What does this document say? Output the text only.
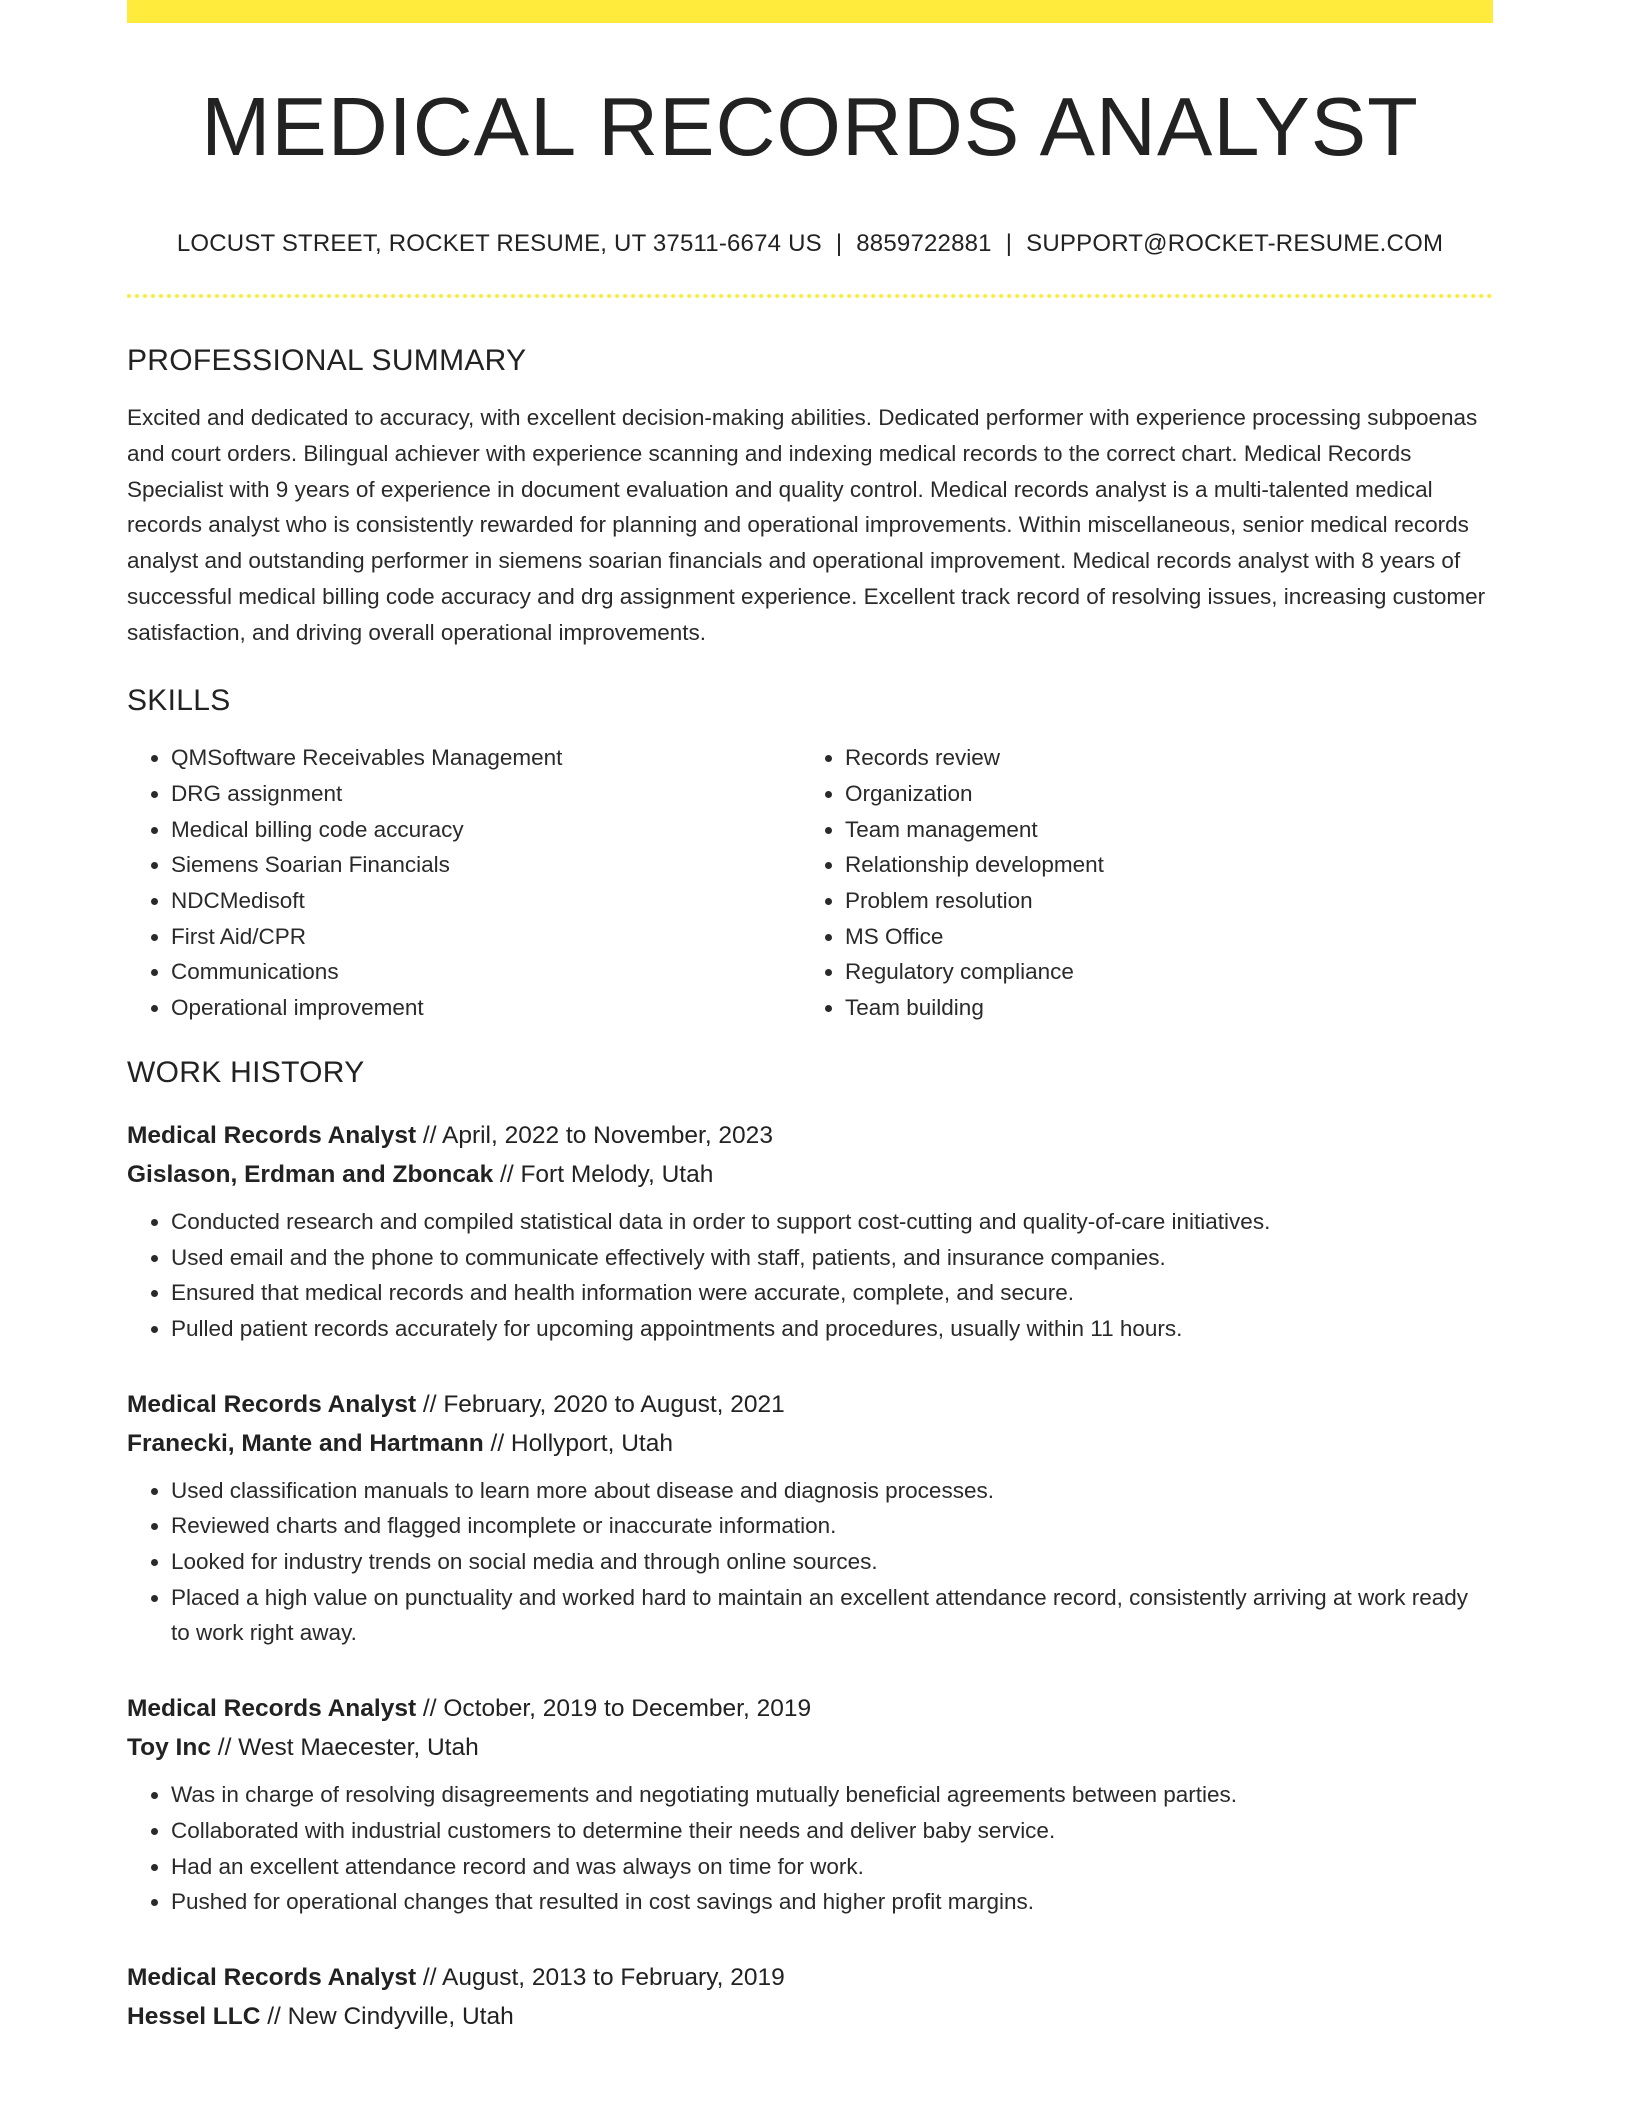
MEDICAL RECORDS ANALYST
LOCUST STREET, ROCKET RESUME, UT 37511-6674 US | 8859722881 | SUPPORT@ROCKET-RESUME.COM
PROFESSIONAL SUMMARY
Excited and dedicated to accuracy, with excellent decision-making abilities. Dedicated performer with experience processing subpoenas and court orders. Bilingual achiever with experience scanning and indexing medical records to the correct chart. Medical Records Specialist with 9 years of experience in document evaluation and quality control. Medical records analyst is a multi-talented medical records analyst who is consistently rewarded for planning and operational improvements. Within miscellaneous, senior medical records analyst and outstanding performer in siemens soarian financials and operational improvement. Medical records analyst with 8 years of successful medical billing code accuracy and drg assignment experience. Excellent track record of resolving issues, increasing customer satisfaction, and driving overall operational improvements.
SKILLS
• QMSoftware Receivables Management
• DRG assignment
• Medical billing code accuracy
• Siemens Soarian Financials
• NDCMedisoft
• First Aid/CPR
• Communications
• Operational improvement
• Records review
• Organization
• Team management
• Relationship development
• Problem resolution
• MS Office
• Regulatory compliance
• Team building
WORK HISTORY
Medical Records Analyst // April, 2022 to November, 2023
Gislason, Erdman and Zboncak // Fort Melody, Utah
• Conducted research and compiled statistical data in order to support cost-cutting and quality-of-care initiatives.
• Used email and the phone to communicate effectively with staff, patients, and insurance companies.
• Ensured that medical records and health information were accurate, complete, and secure.
• Pulled patient records accurately for upcoming appointments and procedures, usually within 11 hours.
Medical Records Analyst // February, 2020 to August, 2021
Franecki, Mante and Hartmann // Hollyport, Utah
• Used classification manuals to learn more about disease and diagnosis processes.
• Reviewed charts and flagged incomplete or inaccurate information.
• Looked for industry trends on social media and through online sources.
• Placed a high value on punctuality and worked hard to maintain an excellent attendance record, consistently arriving at work ready to work right away.
Medical Records Analyst // October, 2019 to December, 2019
Toy Inc // West Maecester, Utah
• Was in charge of resolving disagreements and negotiating mutually beneficial agreements between parties.
• Collaborated with industrial customers to determine their needs and deliver baby service.
• Had an excellent attendance record and was always on time for work.
• Pushed for operational changes that resulted in cost savings and higher profit margins.
Medical Records Analyst // August, 2013 to February, 2019
Hessel LLC // New Cindyville, Utah
